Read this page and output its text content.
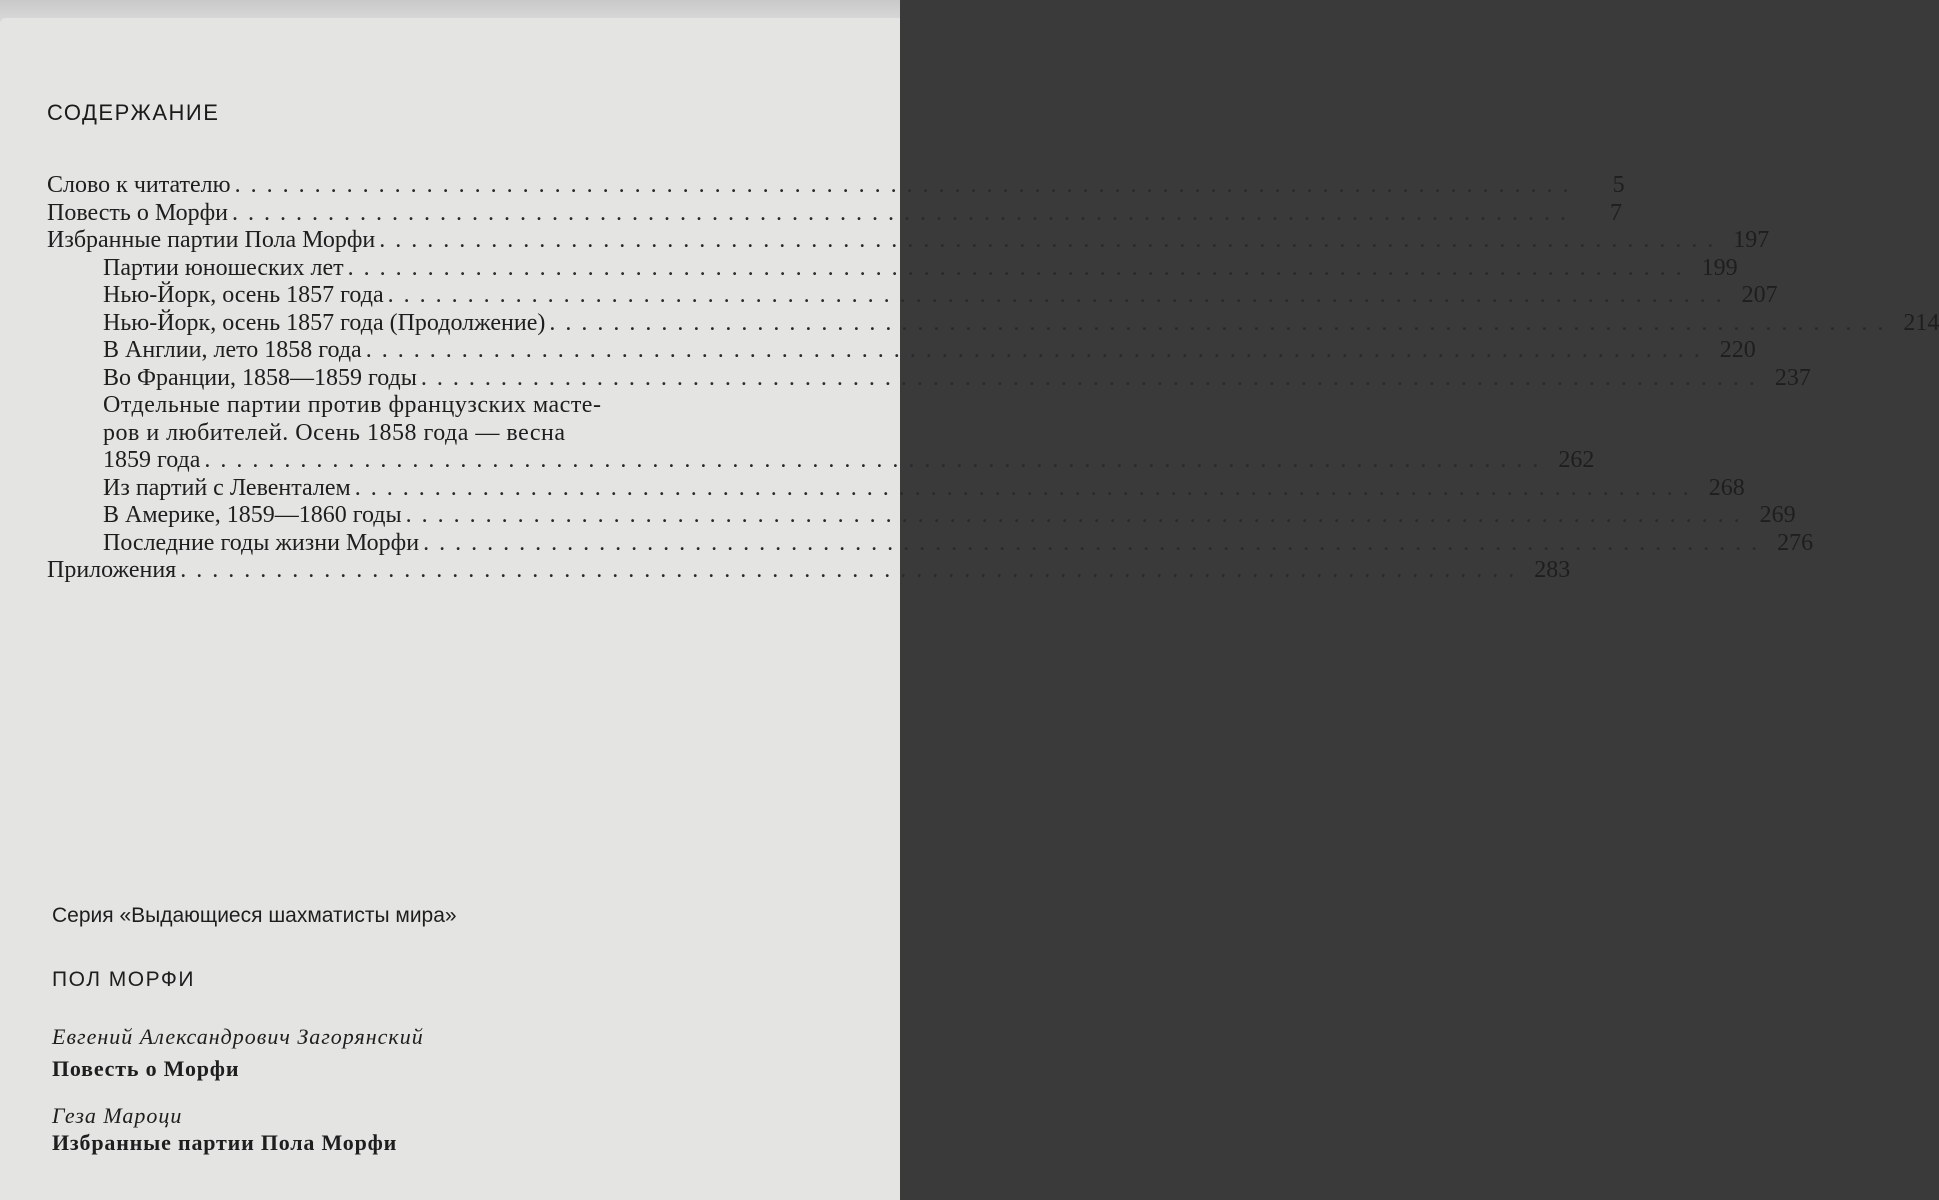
СОДЕРЖАНИЕ
Слово к читателю ....................................................................................	5
Повесть о Морфи ....................................................................................	7
Избранные партии Пола Морфи .................................................................................... 197
Партии юношеских лет .................................................................................... 199
Нью-Йорк, осень 1857 года .................................................................................... 207
Нью-Йорк, осень 1857 года (Продолжение) .................................................................................... 214
В Англии, лето 1858 года .................................................................................... 220
Во Франции, 1858—1859 годы .................................................................................... 237
Отдельные партии против французских масте-
ров и любителей. Осень 1858 года — весна
1859 года .................................................................................... 262
Из партий с Левенталем .................................................................................... 268
В Америке, 1859—1860 годы .................................................................................... 269
Последние годы жизни Морфи .................................................................................... 276
Приложения .................................................................................... 283
Серия «Выдающиеся шахматисты мира»
ПОЛ МОРФИ
Евгений Александрович Загорянский
Повесть о Морфи
Геза Мароци
Избранные партии Пола Морфи
